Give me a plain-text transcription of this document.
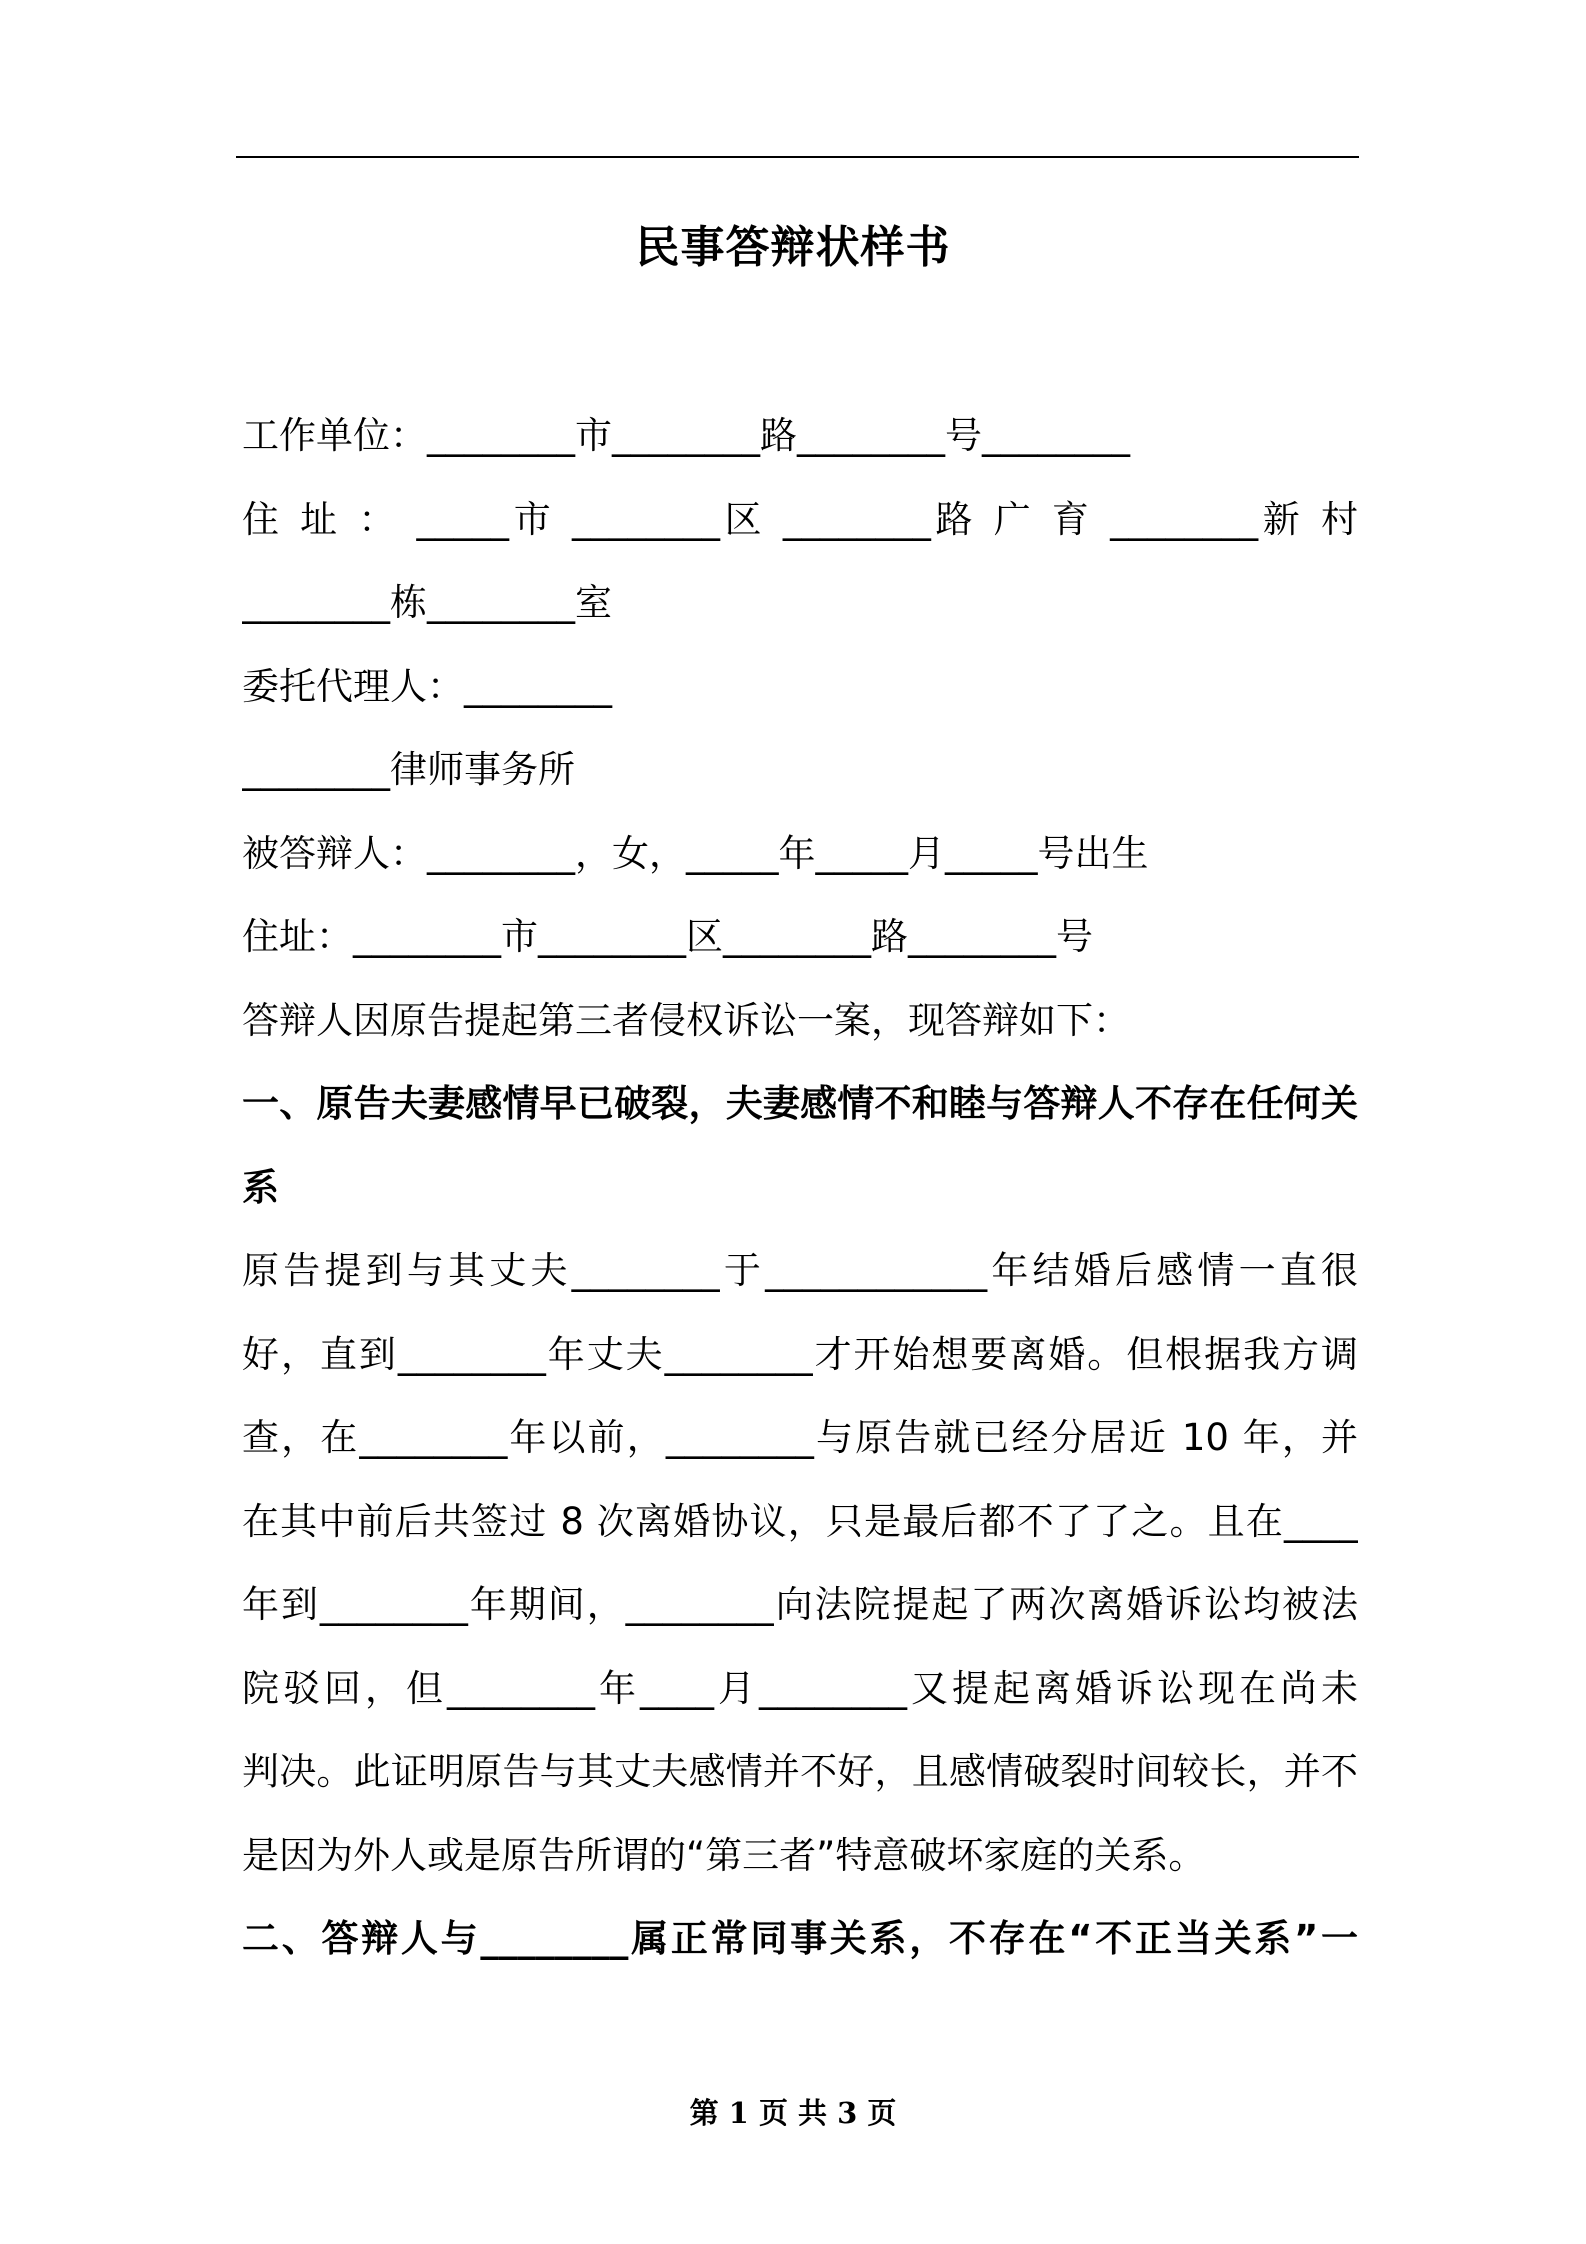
民事答辩状样书
工作单位：________市________路________号________
住 址 ： _____市 ________区 ________路 广 育 ________新 村
________栋________室
委托代理人：________
________律师事务所
被答辩人：________，女，_____年_____月_____号出生
住址：________市________区________路________号
答辩人因原告提起第三者侵权诉讼一案，现答辩如下：
一、原告夫妻感情早已破裂，夫妻感情不和睦与答辩人不存在任何关
系
原告提到与其丈夫________于____________年结婚后感情一直很
好，直到________年丈夫________才开始想要离婚。但根据我方调
查，在________年以前，________与原告就已经分居近 10 年，并
在其中前后共签过 8 次离婚协议，只是最后都不了了之。且在____
年到________年期间，________向法院提起了两次离婚诉讼均被法
院驳回，但________年____月________又提起离婚诉讼现在尚未
判决。此证明原告与其丈夫感情并不好，且感情破裂时间较长，并不
是因为外人或是原告所谓的“第三者”特意破坏家庭的关系。
二、答辩人与________属正常同事关系，不存在“不正当关系”一
第 1 页 共 3 页
